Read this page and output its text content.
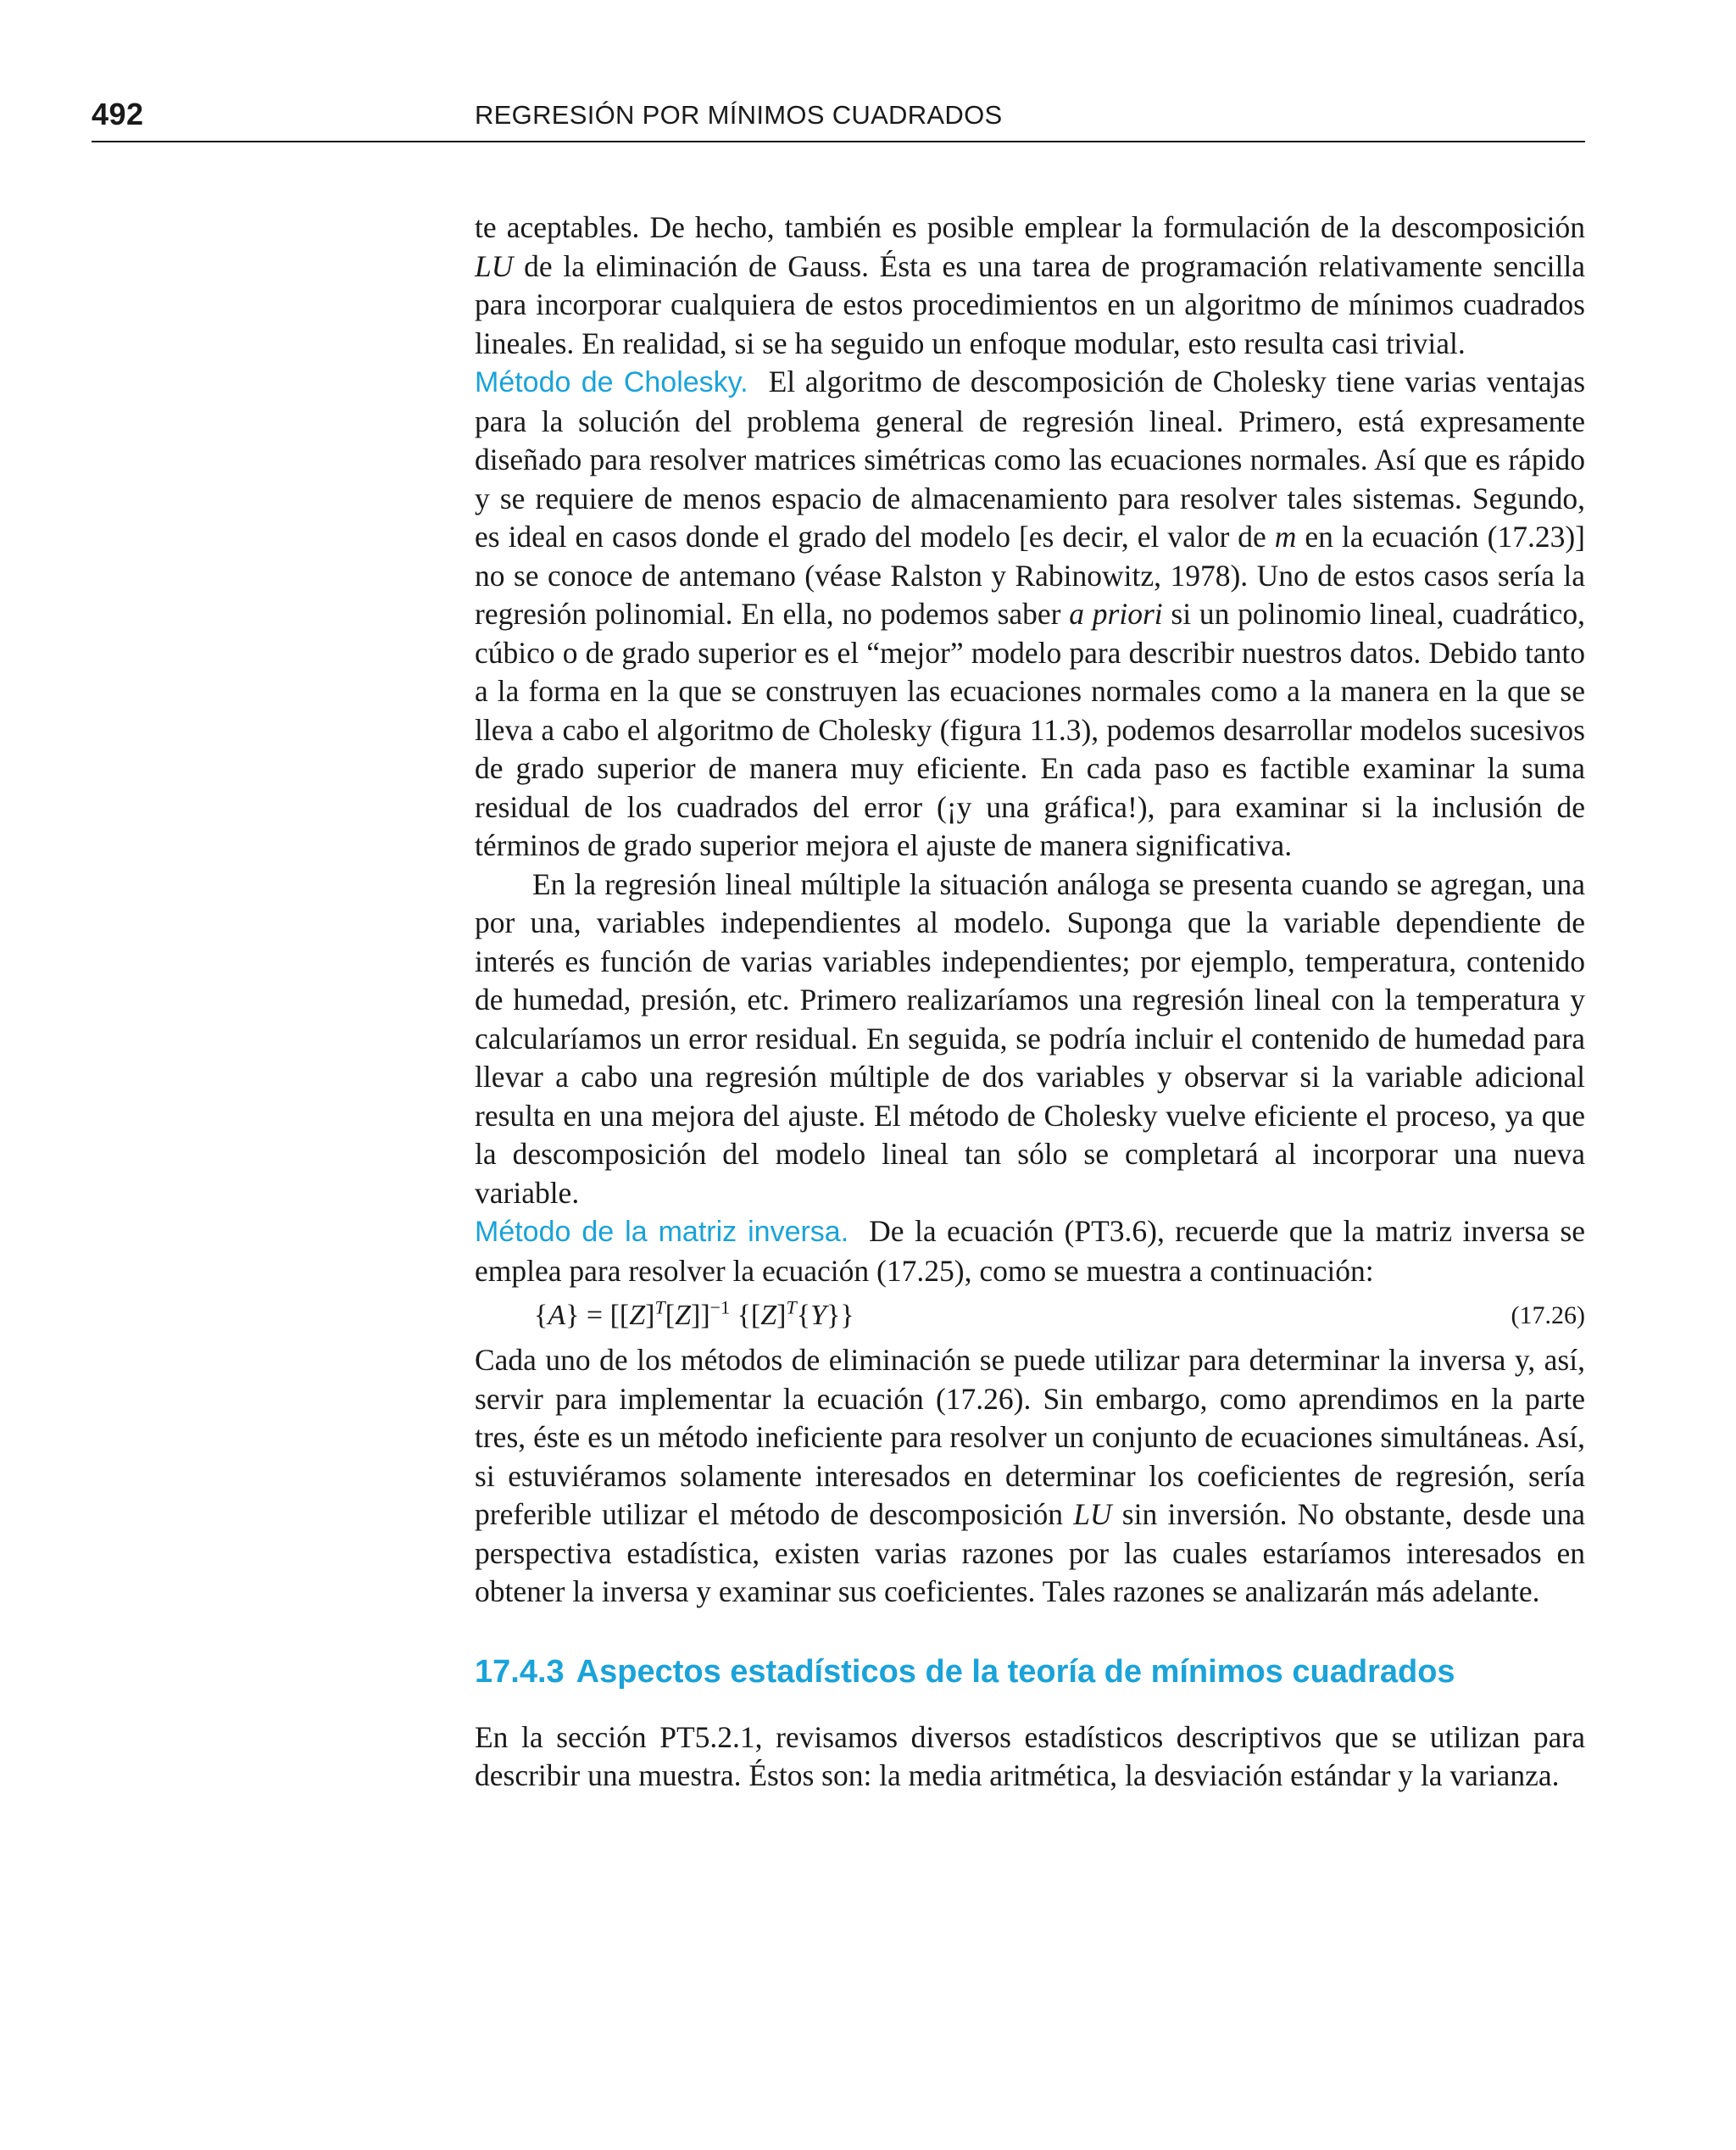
492	REGRESIÓN POR MÍNIMOS CUADRADOS

te aceptables. De hecho, también es posible emplear la formulación de la descomposición LU de la eliminación de Gauss. Ésta es una tarea de programación relativamente sencilla para incorporar cualquiera de estos procedimientos en un algoritmo de mínimos cuadrados lineales. En realidad, si se ha seguido un enfoque modular, esto resulta casi trivial.

Método de Cholesky. El algoritmo de descomposición de Cholesky tiene varias ventajas para la solución del problema general de regresión lineal. Primero, está expresamente diseñado para resolver matrices simétricas como las ecuaciones normales. Así que es rápido y se requiere de menos espacio de almacenamiento para resolver tales sistemas. Segundo, es ideal en casos donde el grado del modelo [es decir, el valor de m en la ecuación (17.23)] no se conoce de antemano (véase Ralston y Rabinowitz, 1978). Uno de estos casos sería la regresión polinomial. En ella, no podemos saber a priori si un polinomio lineal, cuadrático, cúbico o de grado superior es el “mejor” modelo para describir nuestros datos. Debido tanto a la forma en la que se construyen las ecuaciones normales como a la manera en la que se lleva a cabo el algoritmo de Cholesky (figura 11.3), podemos desarrollar modelos sucesivos de grado superior de manera muy eficiente. En cada paso es factible examinar la suma residual de los cuadrados del error (¡y una gráfica!), para examinar si la inclusión de términos de grado superior mejora el ajuste de manera significativa.

En la regresión lineal múltiple la situación análoga se presenta cuando se agregan, una por una, variables independientes al modelo. Suponga que la variable dependiente de interés es función de varias variables independientes; por ejemplo, temperatura, contenido de humedad, presión, etc. Primero realizaríamos una regresión lineal con la temperatura y calcularíamos un error residual. En seguida, se podría incluir el contenido de humedad para llevar a cabo una regresión múltiple de dos variables y observar si la variable adicional resulta en una mejora del ajuste. El método de Cholesky vuelve eficiente el proceso, ya que la descomposición del modelo lineal tan sólo se completará al incorporar una nueva variable.

Método de la matriz inversa. De la ecuación (PT3.6), recuerde que la matriz inversa se emplea para resolver la ecuación (17.25), como se muestra a continuación:

$\{A\} = [[Z]^T[Z]]^{-1}$ $\{[Z]^T\{Y\}\}$	(17.26)

Cada uno de los métodos de eliminación se puede utilizar para determinar la inversa y, así, servir para implementar la ecuación (17.26). Sin embargo, como aprendimos en la parte tres, éste es un método ineficiente para resolver un conjunto de ecuaciones simultáneas. Así, si estuviéramos solamente interesados en determinar los coeficientes de regresión, sería preferible utilizar el método de descomposición LU sin inversión. No obstante, desde una perspectiva estadística, existen varias razones por las cuales estaríamos interesados en obtener la inversa y examinar sus coeficientes. Tales razones se analizarán más adelante.

17.4.3 Aspectos estadísticos de la teoría de mínimos cuadrados

En la sección PT5.2.1, revisamos diversos estadísticos descriptivos que se utilizan para describir una muestra. Éstos son: la media aritmética, la desviación estándar y la varianza.
